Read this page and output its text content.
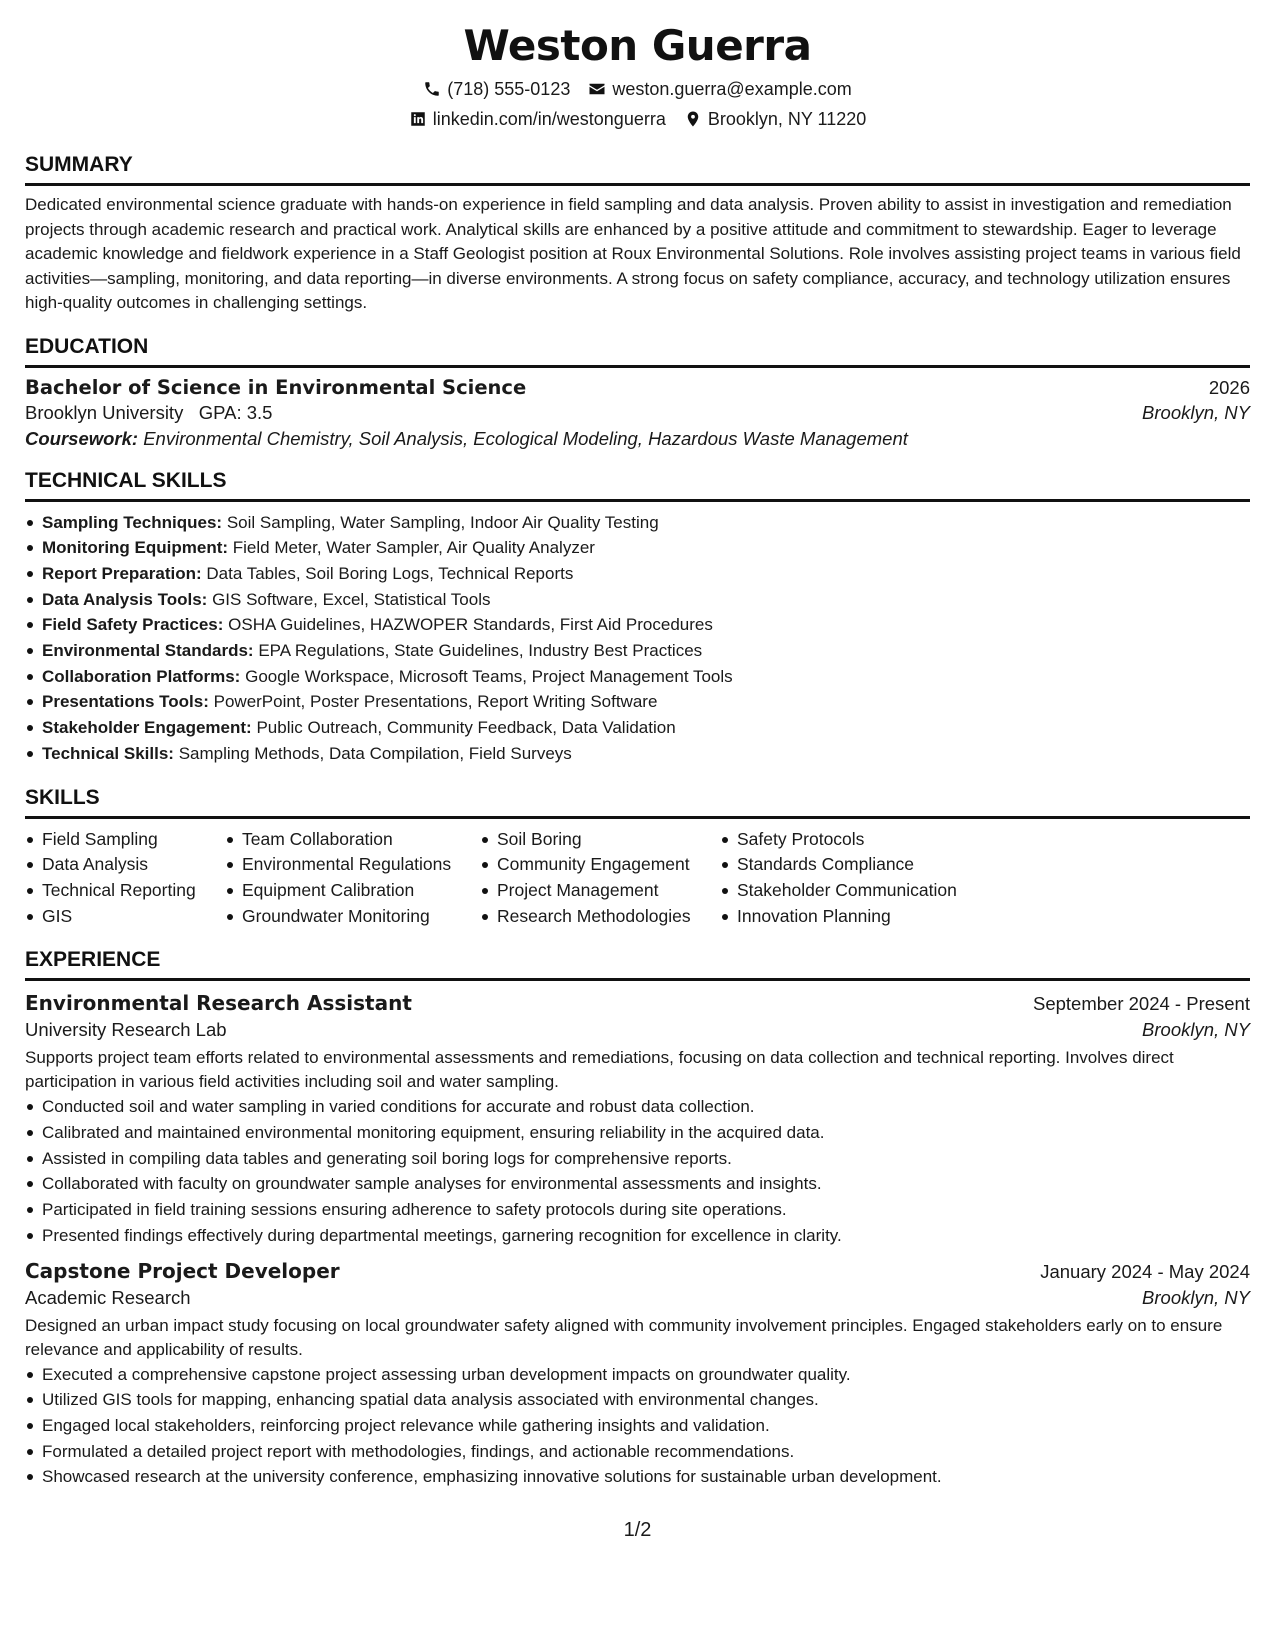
Weston Guerra
(718) 555-0123 weston.guerra@example.com
linkedin.com/in/westonguerra Brooklyn, NY 11220
SUMMARY
Dedicated environmental science graduate with hands-on experience in field sampling and data analysis. Proven ability to assist in investigation and remediation projects through academic research and practical work. Analytical skills are enhanced by a positive attitude and commitment to stewardship. Eager to leverage academic knowledge and fieldwork experience in a Staff Geologist position at Roux Environmental Solutions. Role involves assisting project teams in various field activities—sampling, monitoring, and data reporting—in diverse environments. A strong focus on safety compliance, accuracy, and technology utilization ensures high-quality outcomes in challenging settings.
EDUCATION
Bachelor of Science in Environmental Science	2026
Brooklyn University GPA: 3.5	Brooklyn, NY
Coursework: Environmental Chemistry, Soil Analysis, Ecological Modeling, Hazardous Waste Management
TECHNICAL SKILLS
Sampling Techniques: Soil Sampling, Water Sampling, Indoor Air Quality Testing
Monitoring Equipment: Field Meter, Water Sampler, Air Quality Analyzer
Report Preparation: Data Tables, Soil Boring Logs, Technical Reports
Data Analysis Tools: GIS Software, Excel, Statistical Tools
Field Safety Practices: OSHA Guidelines, HAZWOPER Standards, First Aid Procedures
Environmental Standards: EPA Regulations, State Guidelines, Industry Best Practices
Collaboration Platforms: Google Workspace, Microsoft Teams, Project Management Tools
Presentations Tools: PowerPoint, Poster Presentations, Report Writing Software
Stakeholder Engagement: Public Outreach, Community Feedback, Data Validation
Technical Skills: Sampling Methods, Data Compilation, Field Surveys
SKILLS
Field Sampling
Data Analysis
Technical Reporting
GIS
Team Collaboration
Environmental Regulations
Equipment Calibration
Groundwater Monitoring
Soil Boring
Community Engagement
Project Management
Research Methodologies
Safety Protocols
Standards Compliance
Stakeholder Communication
Innovation Planning
EXPERIENCE
Environmental Research Assistant	September 2024 - Present
University Research Lab	Brooklyn, NY
Supports project team efforts related to environmental assessments and remediations, focusing on data collection and technical reporting. Involves direct participation in various field activities including soil and water sampling.
Conducted soil and water sampling in varied conditions for accurate and robust data collection.
Calibrated and maintained environmental monitoring equipment, ensuring reliability in the acquired data.
Assisted in compiling data tables and generating soil boring logs for comprehensive reports.
Collaborated with faculty on groundwater sample analyses for environmental assessments and insights.
Participated in field training sessions ensuring adherence to safety protocols during site operations.
Presented findings effectively during departmental meetings, garnering recognition for excellence in clarity.
Capstone Project Developer	January 2024 - May 2024
Academic Research	Brooklyn, NY
Designed an urban impact study focusing on local groundwater safety aligned with community involvement principles. Engaged stakeholders early on to ensure relevance and applicability of results.
Executed a comprehensive capstone project assessing urban development impacts on groundwater quality.
Utilized GIS tools for mapping, enhancing spatial data analysis associated with environmental changes.
Engaged local stakeholders, reinforcing project relevance while gathering insights and validation.
Formulated a detailed project report with methodologies, findings, and actionable recommendations.
Showcased research at the university conference, emphasizing innovative solutions for sustainable urban development.
1/2
